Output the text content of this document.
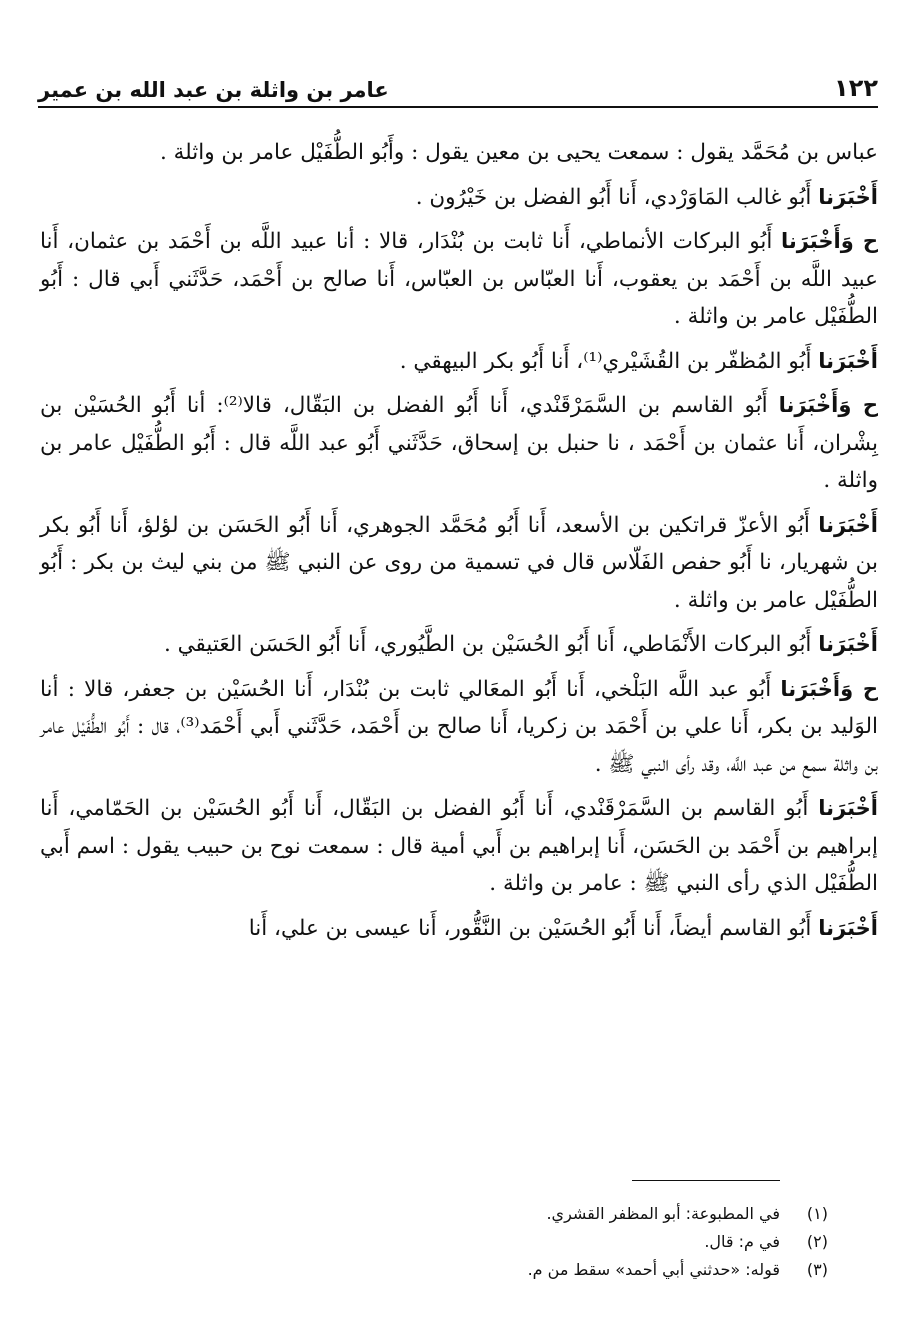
١٢٢
عامر بن واثلة بن عبد الله بن عمير

عباس بن مُحَمَّد يقول : سمعت يحيى بن معين يقول : وأَبُو الطُّفَيْل عامر بن واثلة .

أَخْبَرَنا أَبُو غالب المَاوَرْدي، أَنا أَبُو الفضل بن خَيْرُون .

ح وَأَخْبَرَنا أَبُو البركات الأنماطي، أَنا ثابت بن بُنْدَار، قالا : أنا عبيد اللَّه بن أَحْمَد بن عثمان، أَنا عبيد اللَّه بن أَحْمَد بن يعقوب، أَنا العبّاس بن العبّاس، أَنا صالح بن أَحْمَد، حَدَّثَني أَبي قال : أَبُو الطُّفَيْل عامر بن واثلة .

أَخْبَرَنا أَبُو المُظفّر بن القُشَيْري⁽¹⁾، أَنا أَبُو بكر البيهقي .

ح وَأَخْبَرَنا أَبُو القاسم بن السَّمَرْقَنْدي، أَنا أَبُو الفضل بن البَقّال، قالا⁽²⁾: أنا أَبُو الحُسَيْن بن بِشْران، أَنا عثمان بن أَحْمَد ، نا حنبل بن إسحاق، حَدَّثَني أَبُو عبد اللَّه قال : أَبُو الطُّفَيْل عامر بن واثلة .

أَخْبَرَنا أَبُو الأعزّ قراتكين بن الأسعد، أَنا أَبُو مُحَمَّد الجوهري، أَنا أَبُو الحَسَن بن لؤلؤ، أَنا أَبُو بكر بن شهريار، نا أَبُو حفص الفَلّاس قال في تسمية من روى عن النبي ﷺ من بني ليث بن بكر : أَبُو الطُّفَيْل عامر بن واثلة .

أَخْبَرَنا أَبُو البركات الأَنْمَاطي، أَنا أَبُو الحُسَيْن بن الطَّيُوري، أَنا أَبُو الحَسَن العَتيقي .

ح وَأَخْبَرَنا أَبُو عبد اللَّه البَلْخي، أَنا أَبُو المعَالي ثابت بن بُنْدَار، أَنا الحُسَيْن بن جعفر، قالا : أنا الوَليد بن بكر، أَنا علي بن أَحْمَد بن زكريا، أَنا صالح بن أَحْمَد، حَدَّثَني أَبي أَحْمَد⁽³⁾، قال : أَبُو الطُّفَيْل عامر بن واثلة سمع من عبد اللَّه، وقد رأى النبي ﷺ .

أَخْبَرَنا أَبُو القاسم بن السَّمَرْقَنْدي، أَنا أَبُو الفضل بن البَقّال، أَنا أَبُو الحُسَيْن بن الحَمّامي، أَنا إبراهيم بن أَحْمَد بن الحَسَن، أَنا إبراهيم بن أَبي أمية قال : سمعت نوح بن حبيب يقول : اسم أَبي الطُّفَيْل الذي رأى النبي ﷺ : عامر بن واثلة .

أَخْبَرَنا أَبُو القاسم أيضاً، أَنا أَبُو الحُسَيْن بن النَّقُّور، أَنا عيسى بن علي، أَنا

(١)
في المطبوعة: أبو المظفر القشري.
(٢)
في م: قال.
(٣)
قوله: «حدثني أبي أحمد» سقط من م.
